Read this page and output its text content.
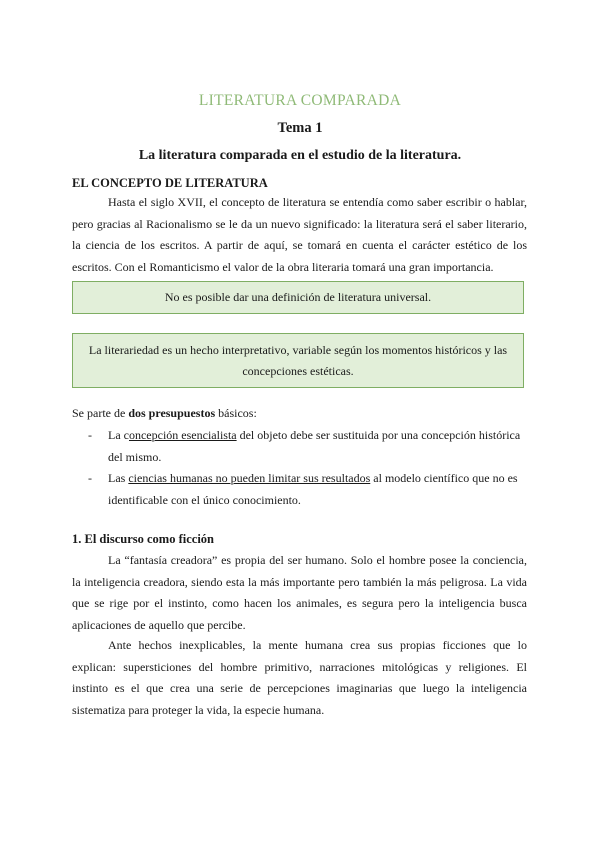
LITERATURA COMPARADA
Tema 1
La literatura comparada en el estudio de la literatura.
EL CONCEPTO DE LITERATURA
Hasta el siglo XVII, el concepto de literatura se entendía como saber escribir o hablar, pero gracias al Racionalismo se le da un nuevo significado: la literatura será el saber literario, la ciencia de los escritos. A partir de aquí, se tomará en cuenta el carácter estético de los escritos. Con el Romanticismo el valor de la obra literaria tomará una gran importancia.
No es posible dar una definición de literatura universal.
La literariedad es un hecho interpretativo, variable según los momentos históricos y las concepciones estéticas.
Se parte de dos presupuestos básicos:
- La concepción esencialista del objeto debe ser sustituida por una concepción histórica del mismo.
- Las ciencias humanas no pueden limitar sus resultados al modelo científico que no es identificable con el único conocimiento.
1. El discurso como ficción
La “fantasía creadora” es propia del ser humano. Solo el hombre posee la conciencia, la inteligencia creadora, siendo esta la más importante pero también la más peligrosa. La vida que se rige por el instinto, como hacen los animales, es segura pero la inteligencia busca aplicaciones de aquello que percibe.
Ante hechos inexplicables, la mente humana crea sus propias ficciones que lo explican: supersticiones del hombre primitivo, narraciones mitológicas y religiones. El instinto es el que crea una serie de percepciones imaginarias que luego la inteligencia sistematiza para proteger la vida, la especie humana.
